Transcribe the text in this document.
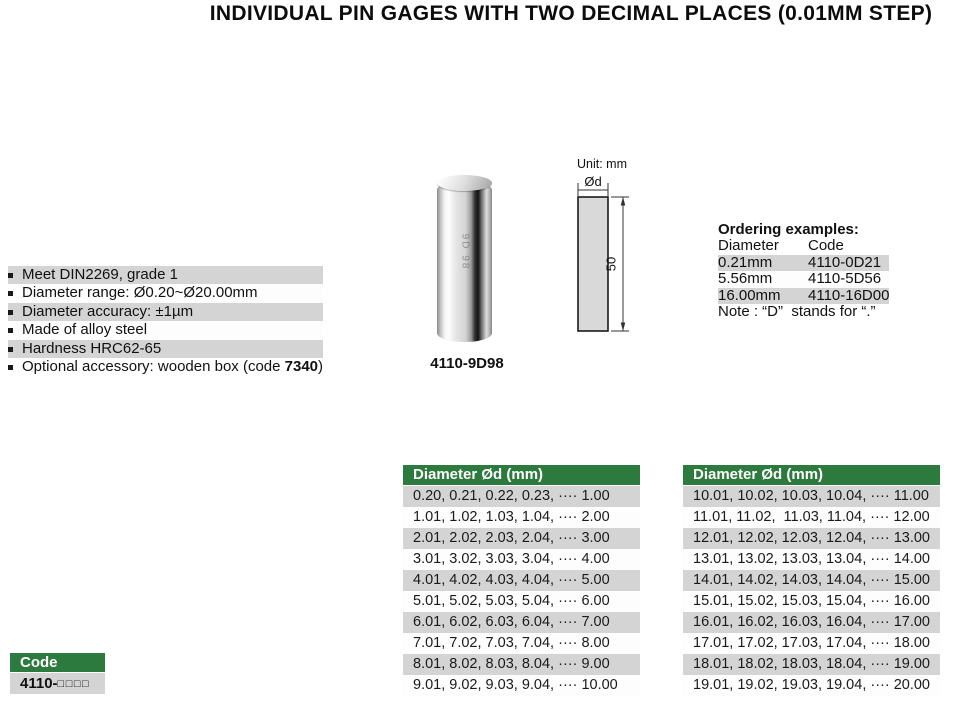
INDIVIDUAL PIN GAGES WITH TWO DECIMAL PLACES (0.01MM STEP)
Meet DIN2269, grade 1
Diameter range: Ø0.20~Ø20.00mm
Diameter accuracy: ±1µm
Made of alloy steel
Hardness HRC62-65
Optional accessory: wooden box (code 7340)
9D 98
4110-9D98
Unit: mm
Ød
50
Ordering examples:
Diameter	Code
0.21mm	4110-0D21
5.56mm	4110-5D56
16.00mm	4110-16D00
Note : “D”  stands for “.”
Diameter Ød (mm)
0.20, 0.21, 0.22, 0.23, ···· 1.00
1.01, 1.02, 1.03, 1.04, ···· 2.00
2.01, 2.02, 2.03, 2.04, ···· 3.00
3.01, 3.02, 3.03, 3.04, ···· 4.00
4.01, 4.02, 4.03, 4.04, ···· 5.00
5.01, 5.02, 5.03, 5.04, ···· 6.00
6.01, 6.02, 6.03, 6.04, ···· 7.00
7.01, 7.02, 7.03, 7.04, ···· 8.00
8.01, 8.02, 8.03, 8.04, ···· 9.00
9.01, 9.02, 9.03, 9.04, ···· 10.00
Diameter Ød (mm)
10.01, 10.02, 10.03, 10.04, ···· 11.00
11.01, 11.02,  11.03, 11.04, ···· 12.00
12.01, 12.02, 12.03, 12.04, ···· 13.00
13.01, 13.02, 13.03, 13.04, ···· 14.00
14.01, 14.02, 14.03, 14.04, ···· 15.00
15.01, 15.02, 15.03, 15.04, ···· 16.00
16.01, 16.02, 16.03, 16.04, ···· 17.00
17.01, 17.02, 17.03, 17.04, ···· 18.00
18.01, 18.02, 18.03, 18.04, ···· 19.00
19.01, 19.02, 19.03, 19.04, ···· 20.00
Code
4110-□□□□
